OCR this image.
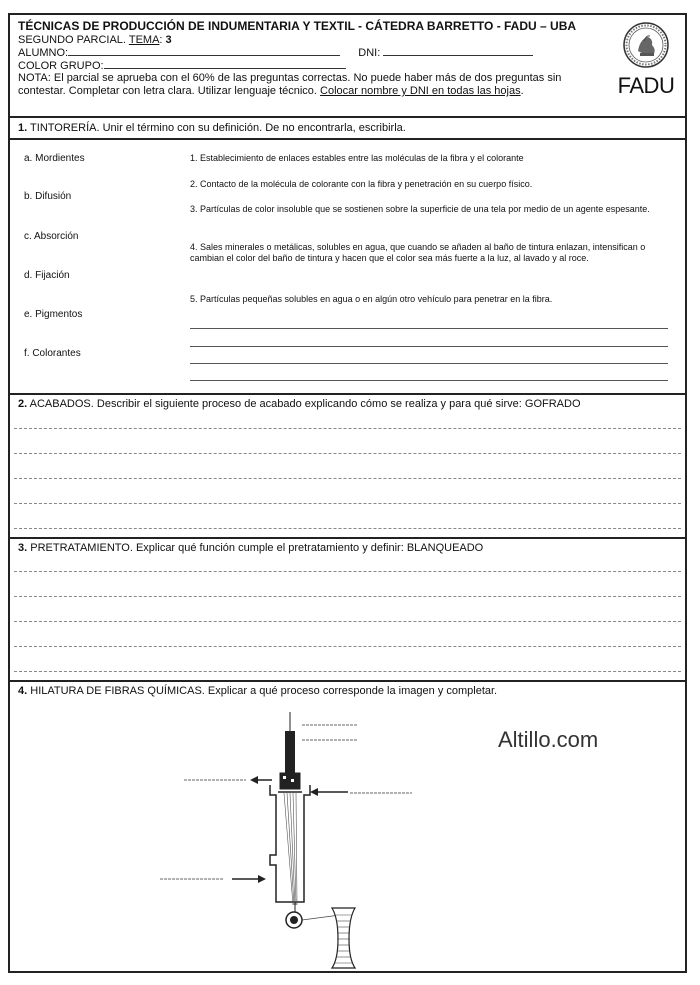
TÉCNICAS DE PRODUCCIÓN DE INDUMENTARIA Y TEXTIL - CÁTEDRA BARRETTO - FADU – UBA
SEGUNDO PARCIAL. TEMA: 3
ALUMNO:	DNI:
COLOR GRUPO:
NOTA: El parcial se aprueba con el 60% de las preguntas correctas. No puede haber más de dos preguntas sin
contestar. Completar con letra clara. Utilizar lenguaje técnico. Colocar nombre y DNI en todas las hojas.	FADU
1. TINTORERÍA. Unir el término con su definición. De no encontrarla, escribirla.
a. Mordientes
b. Difusión
c. Absorción
d. Fijación
e. Pigmentos
f. Colorantes
1. Establecimiento de enlaces estables entre las moléculas de la fibra y el colorante
2. Contacto de la molécula de colorante con la fibra y penetración en su cuerpo físico.
3. Partículas de color insoluble que se sostienen sobre la superficie de una tela por medio de un agente espesante.
4. Sales minerales o metálicas, solubles en agua, que cuando se añaden al baño de tintura enlazan, intensifican o cambian el color del baño de tintura y hacen que el color sea más fuerte a la luz, al lavado y al roce.
5. Partículas pequeñas solubles en agua o en algún otro vehículo para penetrar en la fibra.
2. ACABADOS. Describir el siguiente proceso de acabado explicando cómo se realiza y para qué sirve: GOFRADO
3. PRETRATAMIENTO. Explicar qué función cumple el pretratamiento y definir: BLANQUEADO
4. HILATURA DE FIBRAS QUÍMICAS. Explicar a qué proceso corresponde la imagen y completar.
Altillo.com
